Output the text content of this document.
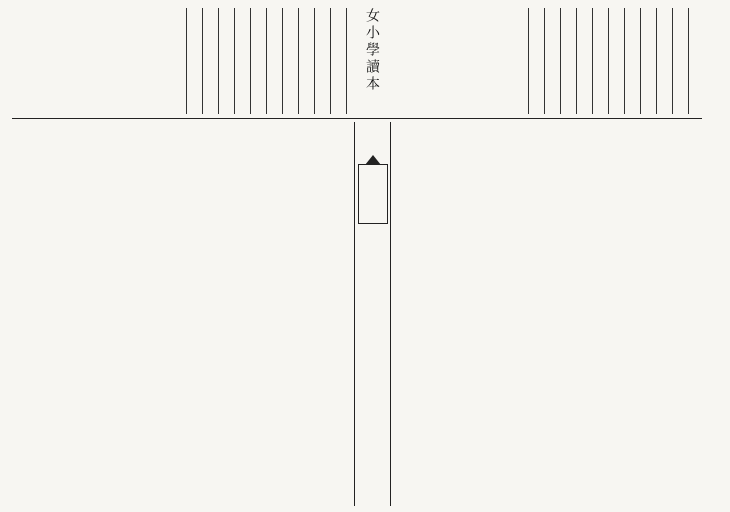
女小學讀本
